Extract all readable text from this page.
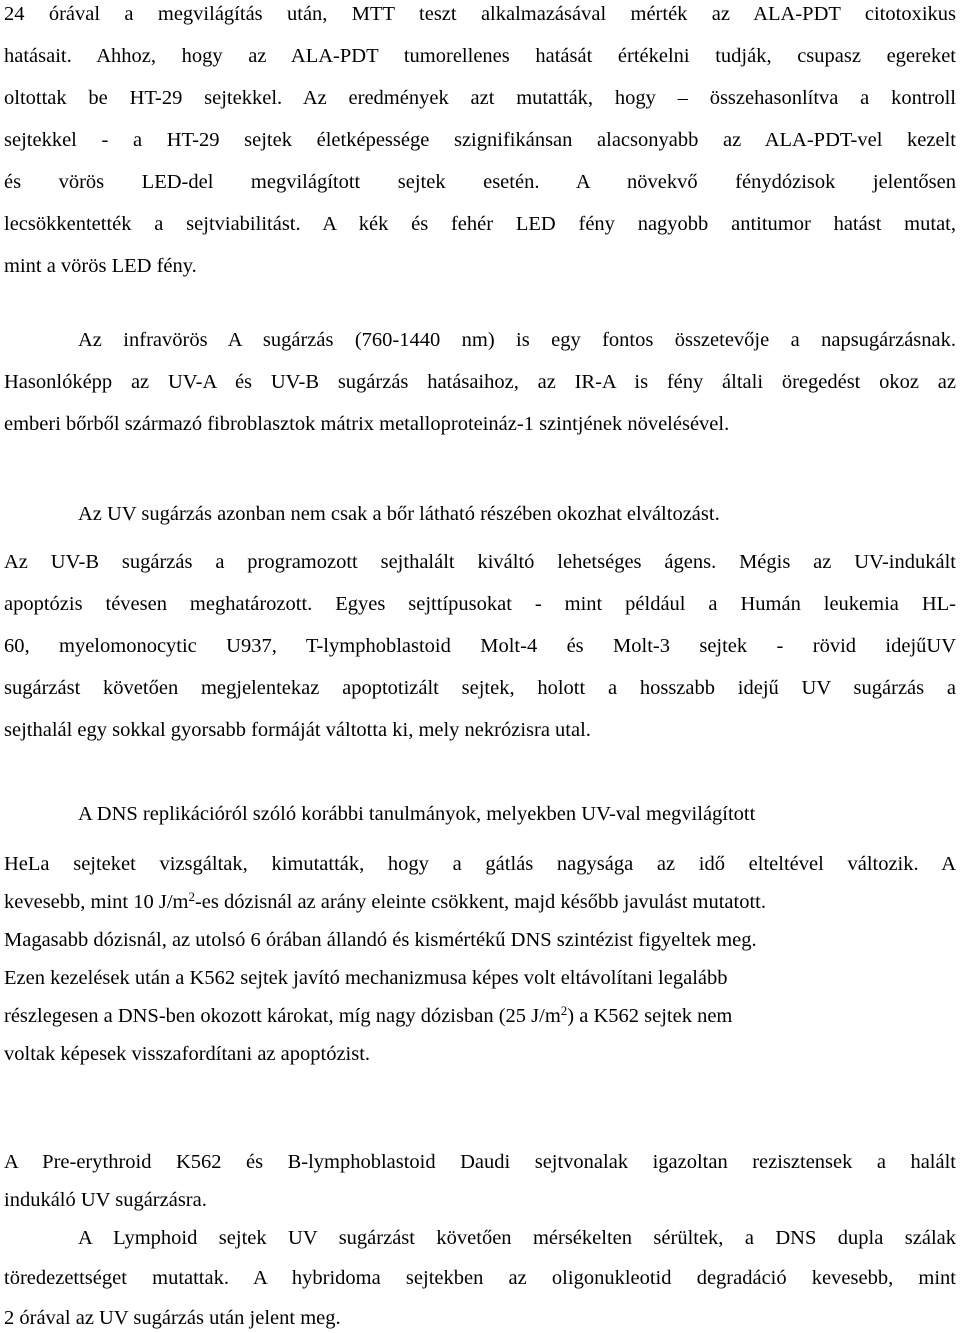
24 órával a megvilágítás után, MTT teszt alkalmazásával mérték az ALA-PDT citotoxikus
hatásait. Ahhoz, hogy az ALA-PDT tumorellenes hatását értékelni tudják, csupasz egereket
oltottak be HT-29 sejtekkel. Az eredmények azt mutatták, hogy – összehasonlítva a kontroll
sejtekkel - a HT-29 sejtek életképessége szignifikánsan alacsonyabb az ALA-PDT-vel kezelt
és vörös LED-del megvilágított sejtek esetén. A növekvő fénydózisok jelentősen
lecsökkentették a sejtviabilitást. A kék és fehér LED fény nagyobb antitumor hatást mutat,
mint a vörös LED fény.
Az infravörös A sugárzás (760-1440 nm) is egy fontos összetevője a napsugárzásnak.
Hasonlóképp az UV-A és UV-B sugárzás hatásaihoz, az IR-A is fény általi öregedést okoz az
emberi bőrből származó fibroblasztok mátrix metalloproteináz-1 szintjének növelésével.
Az UV sugárzás azonban nem csak a bőr látható részében okozhat elváltozást.
Az UV-B sugárzás a programozott sejthalált kiváltó lehetséges ágens. Mégis az UV-indukált
apoptózis tévesen meghatározott. Egyes sejttípusokat - mint például a Humán leukemia HL-
60, myelomonocytic U937, T-lymphoblastoid Molt-4 és Molt-3 sejtek - rövid idejűUV
sugárzást követően megjelentekaz apoptotizált sejtek, holott a hosszabb idejű UV sugárzás a
sejthalál egy sokkal gyorsabb formáját váltotta ki, mely nekrózisra utal.
A DNS replikációról szóló korábbi tanulmányok, melyekben UV-val megvilágított
HeLa sejteket vizsgáltak, kimutatták, hogy a gátlás nagysága az idő elteltével változik. A
kevesebb, mint 10 $J/m^2-es$ dózisnál az arány eleinte csökkent, majd később javulást mutatott.
Magasabb dózisnál, az utolsó 6 órában állandó és kismértékű DNS szintézist figyeltek meg.
Ezen kezelések után a K562 sejtek javító mechanizmusa képes volt eltávolítani legalább
részlegesen a DNS-ben okozott károkat, míg nagy dózisban (25 $J/m^2$) a K562 sejtek nem
voltak képesek visszafordítani az apoptózist.
A Pre-erythroid K562 és B-lymphoblastoid Daudi sejtvonalak igazoltan rezisztensek a halált
indukáló UV sugárzásra.
A Lymphoid sejtek UV sugárzást követően mérsékelten sérültek, a DNS dupla szálak
töredezettséget mutattak. A hybridoma sejtekben az oligonukleotid degradáció kevesebb, mint
2 órával az UV sugárzás után jelent meg.
